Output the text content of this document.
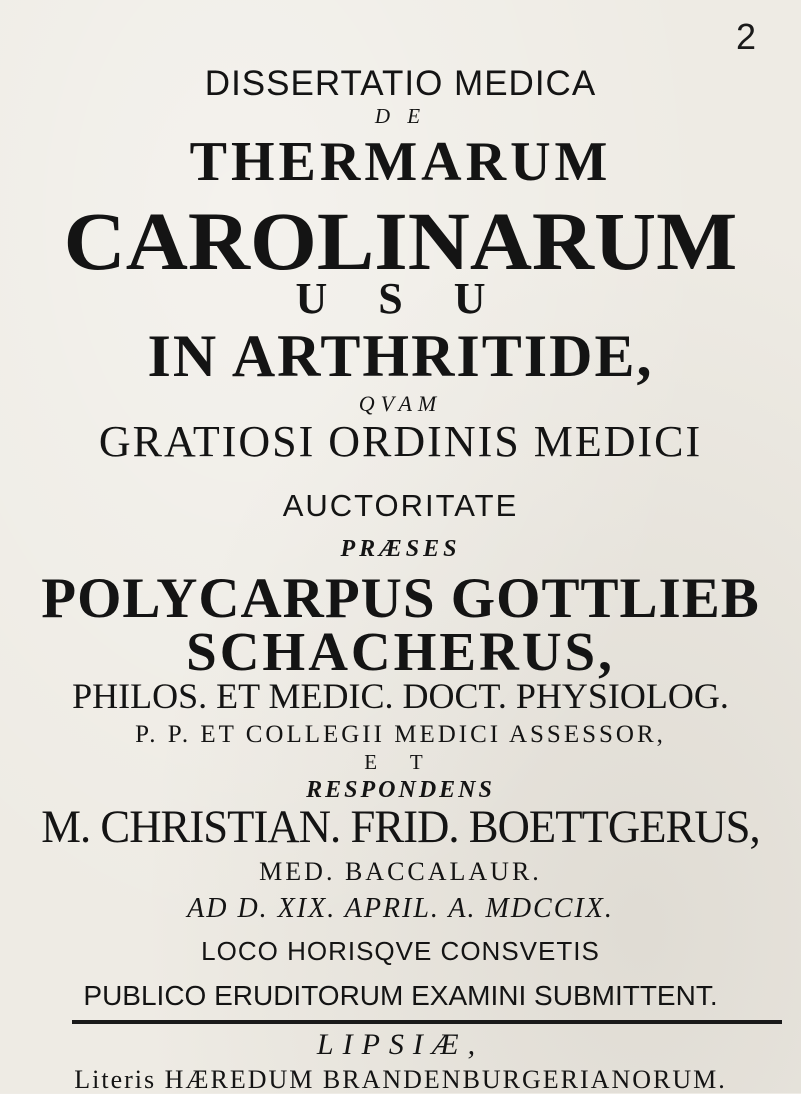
2
DISSERTATIO MEDICA
D E
THERMARUM
CAROLINARUM
U S U
IN ARTHRITIDE,
QVAM
GRATIOSI ORDINIS MEDICI
AUCTORITATE
PRÆSES
POLYCARPUS GOTTLIEB
SCHACHERUS,
PHILOS. ET MEDIC. DOCT. PHYSIOLOG.
P. P. ET COLLEGII MEDICI ASSESSOR,
E T
RESPONDENS
M. CHRISTIAN. FRID. BOETTGERUS,
MED. BACCALAUR.
AD D. XIX. APRIL. A. MDCCIX.
LOCO HORISQVE CONSVETIS
PUBLICO ERUDITORUM EXAMINI SUBMITTENT.
LIPSIÆ,
Literis HÆREDUM BRANDENBURGERIANORUM.
